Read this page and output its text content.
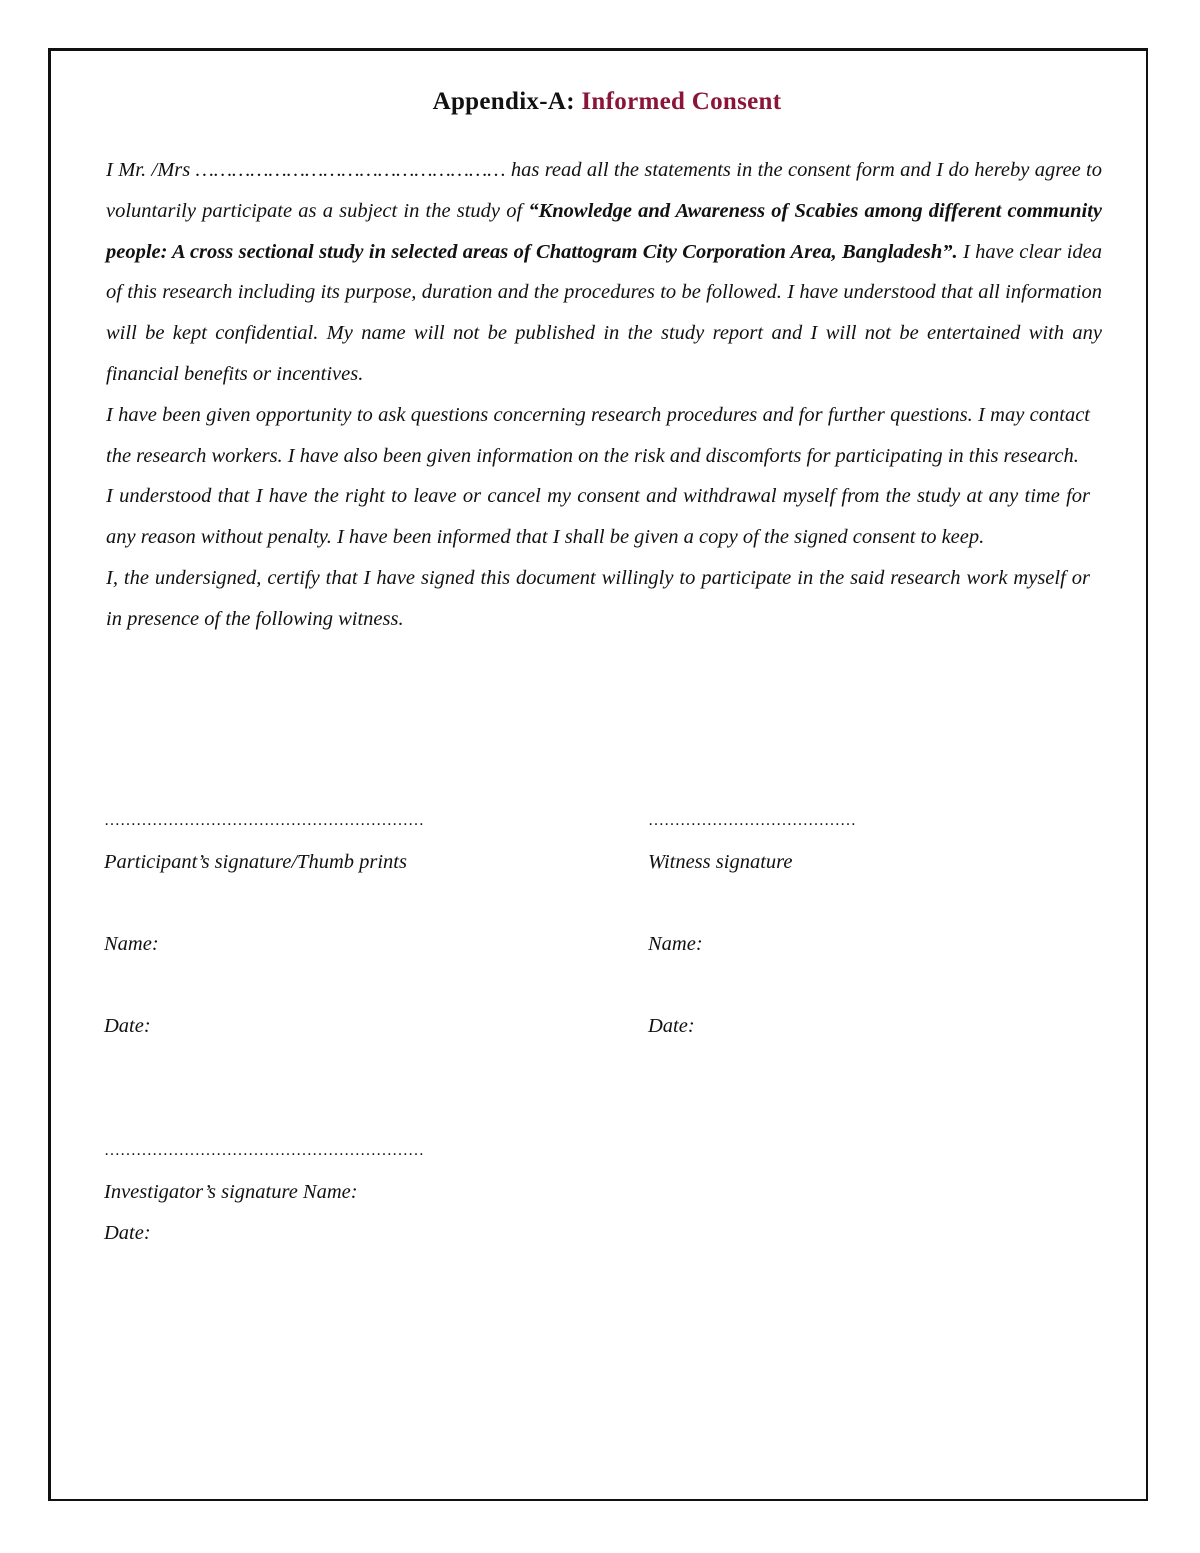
Appendix-A: Informed Consent

I Mr. /Mrs …………………………………………… has read all the statements in the consent form and I do hereby agree to voluntarily participate as a subject in the study of “Knowledge and Awareness of Scabies among different community people: A cross sectional study in selected areas of Chattogram City Corporation Area, Bangladesh”. I have clear idea of this research including its purpose, duration and the procedures to be followed. I have understood that all information will be kept confidential. My name will not be published in the study report and I will not be entertained with any financial benefits or incentives.

I have been given opportunity to ask questions concerning research procedures and for further questions. I may contact the research workers. I have also been given information on the risk and discomforts for participating in this research.

I understood that I have the right to leave or cancel my consent and withdrawal myself from the study at any time for any reason without penalty. I have been informed that I shall be given a copy of the signed consent to keep.

I, the undersigned, certify that I have signed this document willingly to participate in the said research work myself or in presence of the following witness.

……………………………………………………
Participant’s signature/Thumb prints
Name:
Date:
…………………………………
Witness signature
Name:
Date:
……………………………………………………
Investigator’s signature Name:
Date:
